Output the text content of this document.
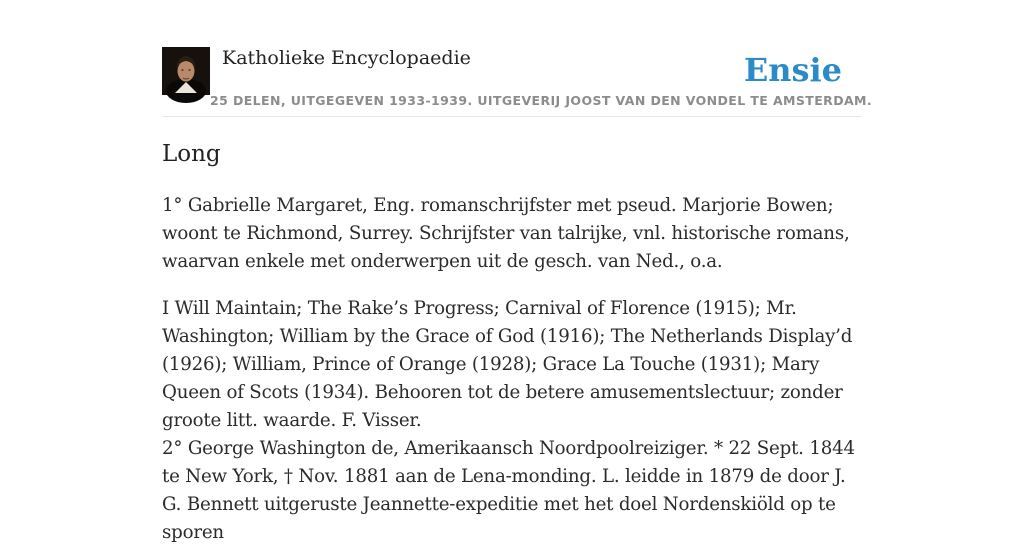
Katholieke Encyclopaedie
25 DELEN, UITGEGEVEN 1933-1939. UITGEVERIJ JOOST VAN DEN VONDEL TE AMSTERDAM.
Ensie
Long

1° Gabrielle Margaret, Eng. romanschrijfster met pseud. Marjorie Bowen; woont te Richmond, Surrey. Schrijfster van talrijke, vnl. historische romans, waarvan enkele met onderwerpen uit de gesch. van Ned., o.a.

I Will Maintain; The Rake’s Progress; Carnival of Florence (1915); Mr. Washington; William by the Grace of God (1916); The Netherlands Display’d (1926); William, Prince of Orange (1928); Grace La Touche (1931); Mary Queen of Scots (1934). Behooren tot de betere amusementslectuur; zonder groote litt. waarde. F. Visser.

2° George Washington de, Amerikaansch Noordpoolreiziger. * 22 Sept. 1844 te New York, † Nov. 1881 aan de Lena-monding. L. leidde in 1879 de door J. G. Bennett uitgeruste Jeannette-expeditie met het doel Nordenskiöld op te sporen
